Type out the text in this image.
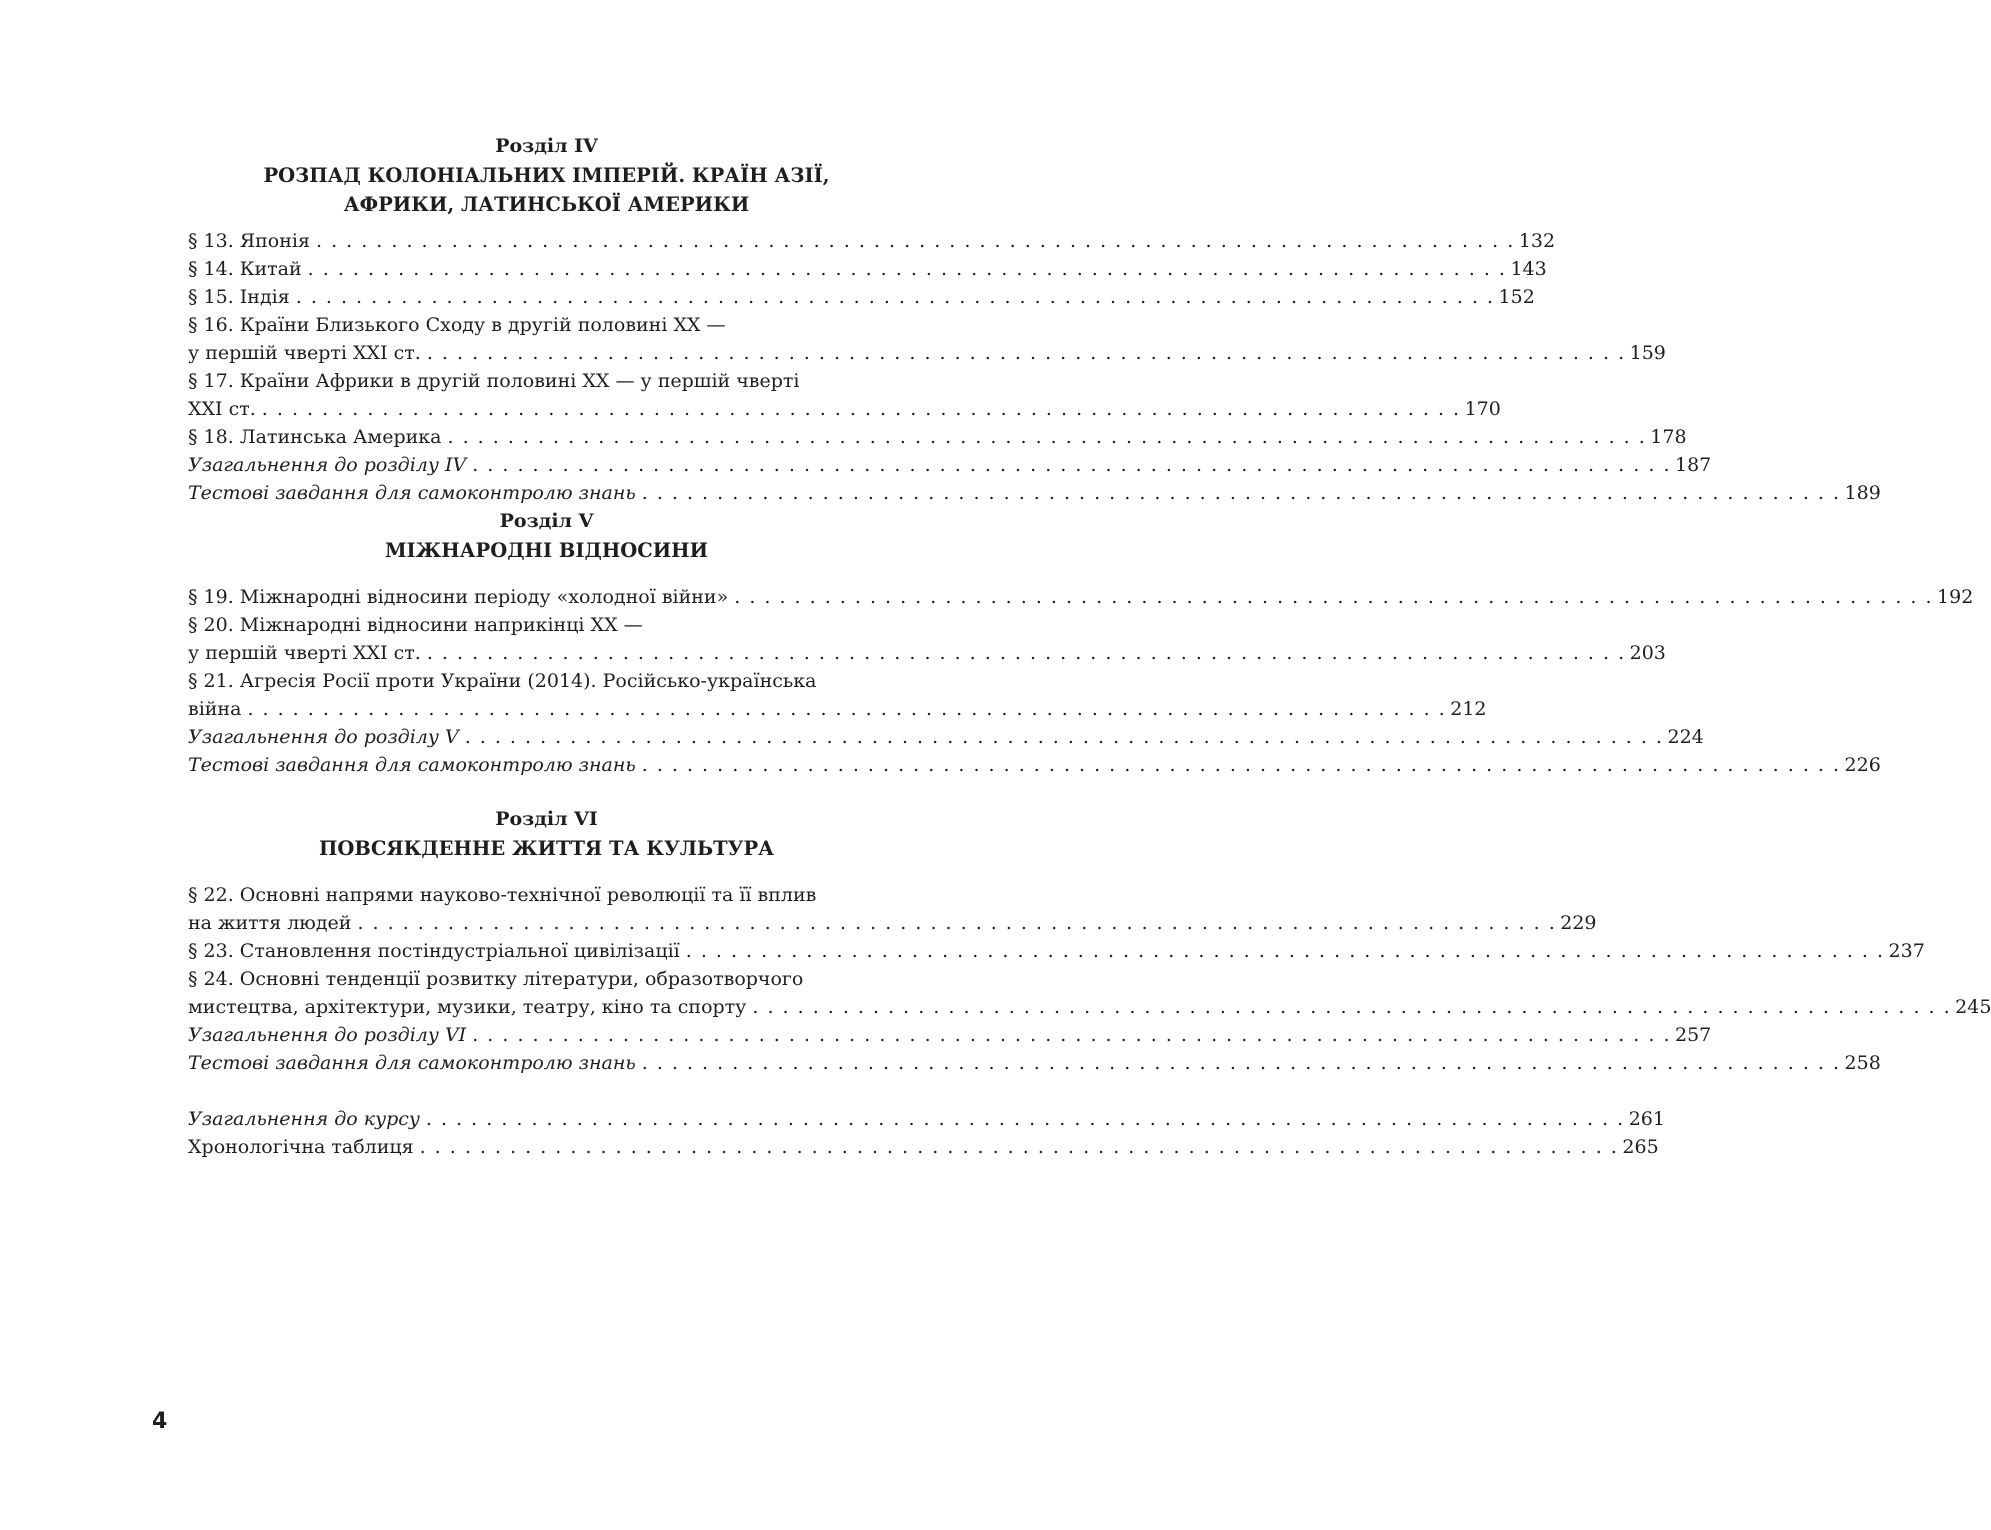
Розділ IV
РОЗПАД КОЛОНІАЛЬНИХ ІМПЕРІЙ. КРАЇН АЗІЇ,
АФРИКИ, ЛАТИНСЬКОЇ АМЕРИКИ
§ 13. Японія . . . . . . . . . . . . . . . . . . . . . . . . . . . . . . . . . . . . . . . . . . . . . . . . . . . . . . . . . . . . . . . . . . . . . . . . . . . . . . . . 132
§ 14. Китай . . . . . . . . . . . . . . . . . . . . . . . . . . . . . . . . . . . . . . . . . . . . . . . . . . . . . . . . . . . . . . . . . . . . . . . . . . . . . . . . 143
§ 15. Індія . . . . . . . . . . . . . . . . . . . . . . . . . . . . . . . . . . . . . . . . . . . . . . . . . . . . . . . . . . . . . . . . . . . . . . . . . . . . . . . . 152
§ 16. Країни Близького Сходу в другій половині XX —
у першій чверті XXI ст. . . . . . . . . . . . . . . . . . . . . . . . . . . . . . . . . . . . . . . . . . . . . . . . . . . . . . . . . . . . . . . . . . . . . . . . . . . . . . . . . 159
§ 17. Країни Африки в другій половині XX — у першій чверті
XXI ст. . . . . . . . . . . . . . . . . . . . . . . . . . . . . . . . . . . . . . . . . . . . . . . . . . . . . . . . . . . . . . . . . . . . . . . . . . . . . . . . . 170
§ 18. Латинська Америка . . . . . . . . . . . . . . . . . . . . . . . . . . . . . . . . . . . . . . . . . . . . . . . . . . . . . . . . . . . . . . . . . . . . . . . . . . . . . . . . 178
Узагальнення до розділу IV . . . . . . . . . . . . . . . . . . . . . . . . . . . . . . . . . . . . . . . . . . . . . . . . . . . . . . . . . . . . . . . . . . . . . . . . . . . . . . . . 187
Тестові завдання для самоконтролю знань . . . . . . . . . . . . . . . . . . . . . . . . . . . . . . . . . . . . . . . . . . . . . . . . . . . . . . . . . . . . . . . . . . . . . . . . . . . . . . . . 189
Розділ V
МІЖНАРОДНІ ВІДНОСИНИ
§ 19. Міжнародні відносини періоду «холодної війни» . . . . . . . . . . . . . . . . . . . . . . . . . . . . . . . . . . . . . . . . . . . . . . . . . . . . . . . . . . . . . . . . . . . . . . . . . . . . . . . . 192
§ 20. Міжнародні відносини наприкінці XX —
у першій чверті XXI ст. . . . . . . . . . . . . . . . . . . . . . . . . . . . . . . . . . . . . . . . . . . . . . . . . . . . . . . . . . . . . . . . . . . . . . . . . . . . . . . . . 203
§ 21. Агресія Росії проти України (2014). Російсько-українська
війна . . . . . . . . . . . . . . . . . . . . . . . . . . . . . . . . . . . . . . . . . . . . . . . . . . . . . . . . . . . . . . . . . . . . . . . . . . . . . . . . 212
Узагальнення до розділу V . . . . . . . . . . . . . . . . . . . . . . . . . . . . . . . . . . . . . . . . . . . . . . . . . . . . . . . . . . . . . . . . . . . . . . . . . . . . . . . . 224
Тестові завдання для самоконтролю знань . . . . . . . . . . . . . . . . . . . . . . . . . . . . . . . . . . . . . . . . . . . . . . . . . . . . . . . . . . . . . . . . . . . . . . . . . . . . . . . . 226
Розділ VI
ПОВСЯКДЕННЕ ЖИТТЯ ТА КУЛЬТУРА
§ 22. Основні напрями науково-технічної революції та її вплив
на життя людей . . . . . . . . . . . . . . . . . . . . . . . . . . . . . . . . . . . . . . . . . . . . . . . . . . . . . . . . . . . . . . . . . . . . . . . . . . . . . . . . 229
§ 23. Становлення постіндустріальної цивілізації . . . . . . . . . . . . . . . . . . . . . . . . . . . . . . . . . . . . . . . . . . . . . . . . . . . . . . . . . . . . . . . . . . . . . . . . . . . . . . . . 237
§ 24. Основні тенденції розвитку літератури, образотворчого
мистецтва, архітектури, музики, театру, кіно та спорту . . . . . . . . . . . . . . . . . . . . . . . . . . . . . . . . . . . . . . . . . . . . . . . . . . . . . . . . . . . . . . . . . . . . . . . . . . . . . . . . 245
Узагальнення до розділу VI . . . . . . . . . . . . . . . . . . . . . . . . . . . . . . . . . . . . . . . . . . . . . . . . . . . . . . . . . . . . . . . . . . . . . . . . . . . . . . . . 257
Тестові завдання для самоконтролю знань . . . . . . . . . . . . . . . . . . . . . . . . . . . . . . . . . . . . . . . . . . . . . . . . . . . . . . . . . . . . . . . . . . . . . . . . . . . . . . . . 258
Узагальнення до курсу . . . . . . . . . . . . . . . . . . . . . . . . . . . . . . . . . . . . . . . . . . . . . . . . . . . . . . . . . . . . . . . . . . . . . . . . . . . . . . . . 261
Хронологічна таблиця . . . . . . . . . . . . . . . . . . . . . . . . . . . . . . . . . . . . . . . . . . . . . . . . . . . . . . . . . . . . . . . . . . . . . . . . . . . . . . . . 265
4
